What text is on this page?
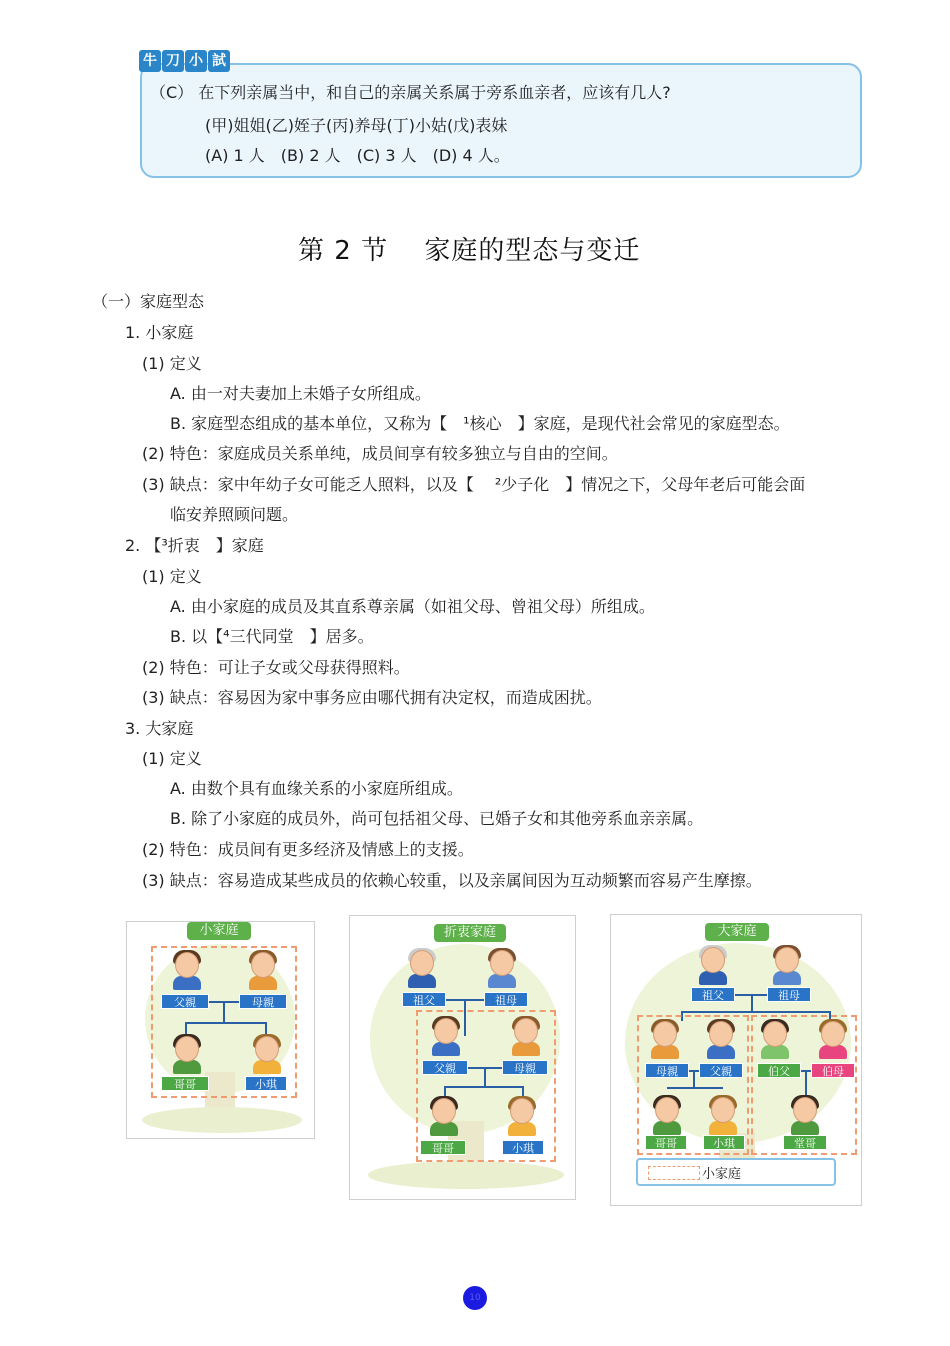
牛 刀 小 試
（C） 在下列亲属当中，和自己的亲属关系属于旁系血亲者，应该有几人?
(甲)姐姐(乙)姪子(丙)养母(丁)小姑(戊)表妹
(A) 1 人　(B) 2 人　(C) 3 人　(D) 4 人。
第 2 节　 家庭的型态与变迁
（一）家庭型态
1. 小家庭
(1) 定义
A. 由一对夫妻加上未婚子女所组成。
B. 家庭型态组成的基本单位，又称为【　¹核心　】家庭，是现代社会常见的家庭型态。
(2) 特色：家庭成员关系单纯，成员间享有较多独立与自由的空间。
(3) 缺点：家中年幼子女可能乏人照料，以及【　 ²少子化　】情况之下，父母年老后可能会面
临安养照顾问题。
2. 【³折衷　】家庭
(1) 定义
A. 由小家庭的成员及其直系尊亲属（如祖父母、曾祖父母）所组成。
B. 以【⁴三代同堂　】居多。
(2) 特色：可让子女或父母获得照料。
(3) 缺点：容易因为家中事务应由哪代拥有决定权，而造成困扰。
3. 大家庭
(1) 定义
A. 由数个具有血缘关系的小家庭所组成。
B. 除了小家庭的成员外，尚可包括祖父母、已婚子女和其他旁系血亲亲属。
(2) 特色：成员间有更多经济及情感上的支援。
(3) 缺点：容易造成某些成员的依赖心较重，以及亲属间因为互动频繁而容易产生摩擦。
小家庭
父親	母親
哥哥	小琪
折衷家庭
祖父	祖母
父親	母親
哥哥	小琪
大家庭
祖父	祖母
母親	父親	伯父	伯母
哥哥	小琪	堂哥
小家庭
10
